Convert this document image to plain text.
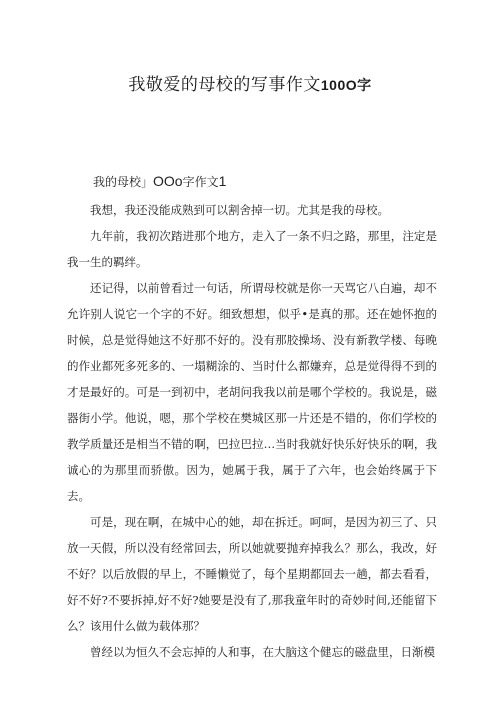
我敬爱的母校的写事作文100O字
我的母校」OOo字作文1

我想，我还没能成熟到可以割舍掉一切。尤其是我的母校。

九年前，我初次踏进那个地方，走入了一条不归之路，那里，注定是我一生的羁绊。

还记得，以前曾看过一句话，所谓母校就是你一天骂它八白遍，却不允许别人说它一个字的不好。细致想想，似乎•是真的那。还在她怀抱的时候，总是觉得她这不好那不好的。没有那胶操场、没有新教学楼、每晚的作业都死多死多的、一塌糊涂的、当时什么都嫌弃，总是觉得得不到的才是最好的。可是一到初中，老胡问我我以前是哪个学校的。我说是，磁器街小学。他说，嗯，那个学校在樊城区那一片还是不错的，你们学校的教学质量还是相当不错的啊，巴拉巴拉…当时我就好快乐好快乐的啊，我诚心的为那里而骄傲。因为，她属于我，属于了六年，也会始终属于下去。

可是，现在啊，在城中心的她，却在拆迁。呵呵，是因为初三了、只放一天假，所以没有经常回去，所以她就要抛弃掉我么？那么，我改，好不好？以后放假的早上，不睡懒觉了，每个星期都回去一趟，都去看看，好不好?不要拆掉,好不好?她要是没有了,那我童年时的奇妙时间,还能留下么？该用什么做为载体那？

曾经以为恒久不会忘掉的人和事，在大脑这个健忘的磁盘里，日渐模
